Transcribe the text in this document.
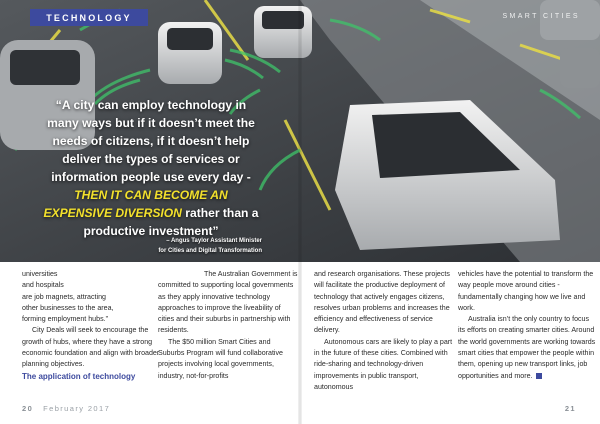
TECHNOLOGY	SMART CITIES
“A city can employ technology in many ways but if it doesn’t meet the needs of citizens, if it doesn’t help deliver the types of services or information people use every day - THEN IT CAN BECOME AN EXPENSIVE DIVERSION rather than a productive investment”
– Angus Taylor Assistant Minister
for Cities and Digital Transformation

universities

and hospitals

are job magnets, attracting

other businesses to the area,

forming employment hubs.”

City Deals will seek to encourage the growth of hubs, where they have a strong economic foundation and align with broader planning objectives.

The application of technology

The Australian Government is committed to supporting local governments as they apply innovative technology approaches to improve the liveability of cities and their suburbs in partnership with residents.

The $50 million Smart Cities and Suburbs Program will fund collaborative projects involving local governments, industry, not-for-profits

and research organisations. These projects will facilitate the productive deployment of technology that actively engages citizens, resolves urban problems and increases the efficiency and effectiveness of service delivery.

Autonomous cars are likely to play a part in the future of these cities. Combined with ride-sharing and technology-driven improvements in public transport, autonomous

vehicles have the potential to transform the way people move around cities - fundamentally changing how we live and work.

Australia isn’t the only country to focus its efforts on creating smarter cities. Around the world governments are working towards smart cities that empower the people within them, opening up new transport links, job opportunities and more.

20 February 2017	21
